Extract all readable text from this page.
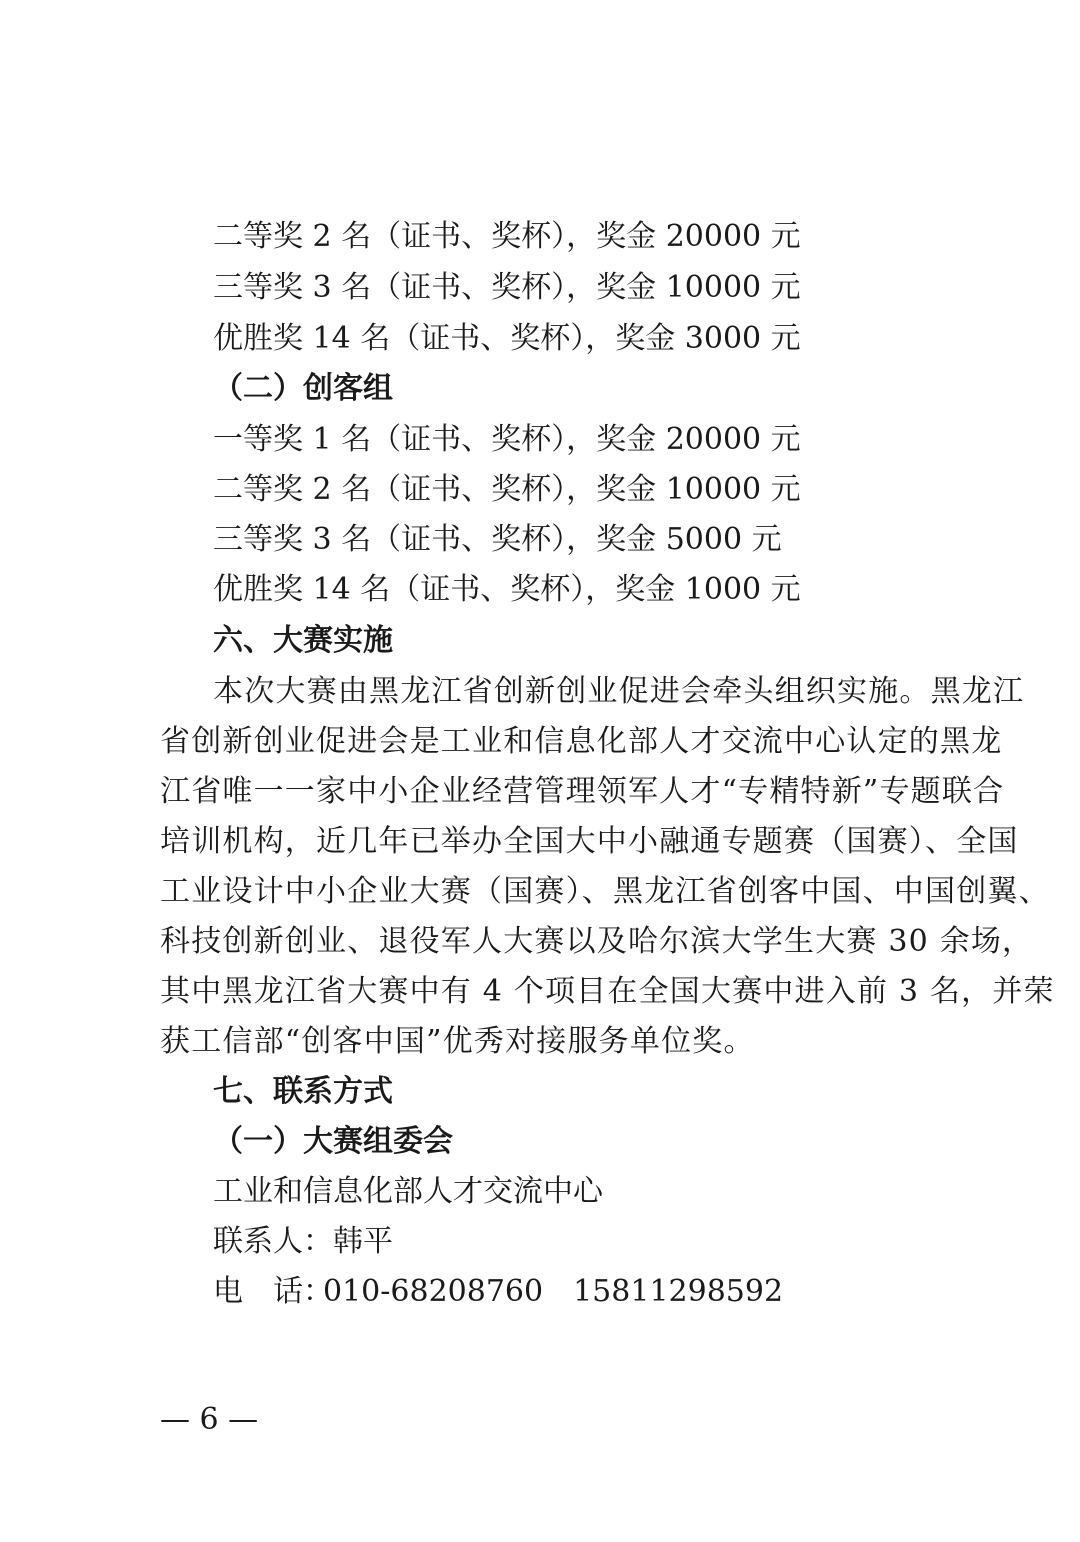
二等奖 2 名（证书、奖杯），奖金 20000 元
三等奖 3 名（证书、奖杯），奖金 10000 元
优胜奖 14 名（证书、奖杯），奖金 3000 元
（二）创客组
一等奖 1 名（证书、奖杯），奖金 20000 元
二等奖 2 名（证书、奖杯），奖金 10000 元
三等奖 3 名（证书、奖杯），奖金 5000 元
优胜奖 14 名（证书、奖杯），奖金 1000 元
六、大赛实施
本次大赛由黑龙江省创新创业促进会牵头组织实施。黑龙江
省创新创业促进会是工业和信息化部人才交流中心认定的黑龙
江省唯一一家中小企业经营管理领军人才“专精特新”专题联合
培训机构，近几年已举办全国大中小融通专题赛（国赛）、全国
工业设计中小企业大赛（国赛）、黑龙江省创客中国、中国创翼、
科技创新创业、退役军人大赛以及哈尔滨大学生大赛 30 余场，
其中黑龙江省大赛中有 4 个项目在全国大赛中进入前 3 名，并荣
获工信部“创客中国”优秀对接服务单位奖。
七、联系方式
（一）大赛组委会
工业和信息化部人才交流中心
联系人：韩平
电　话：010-68208760 15811298592
— 6 —
